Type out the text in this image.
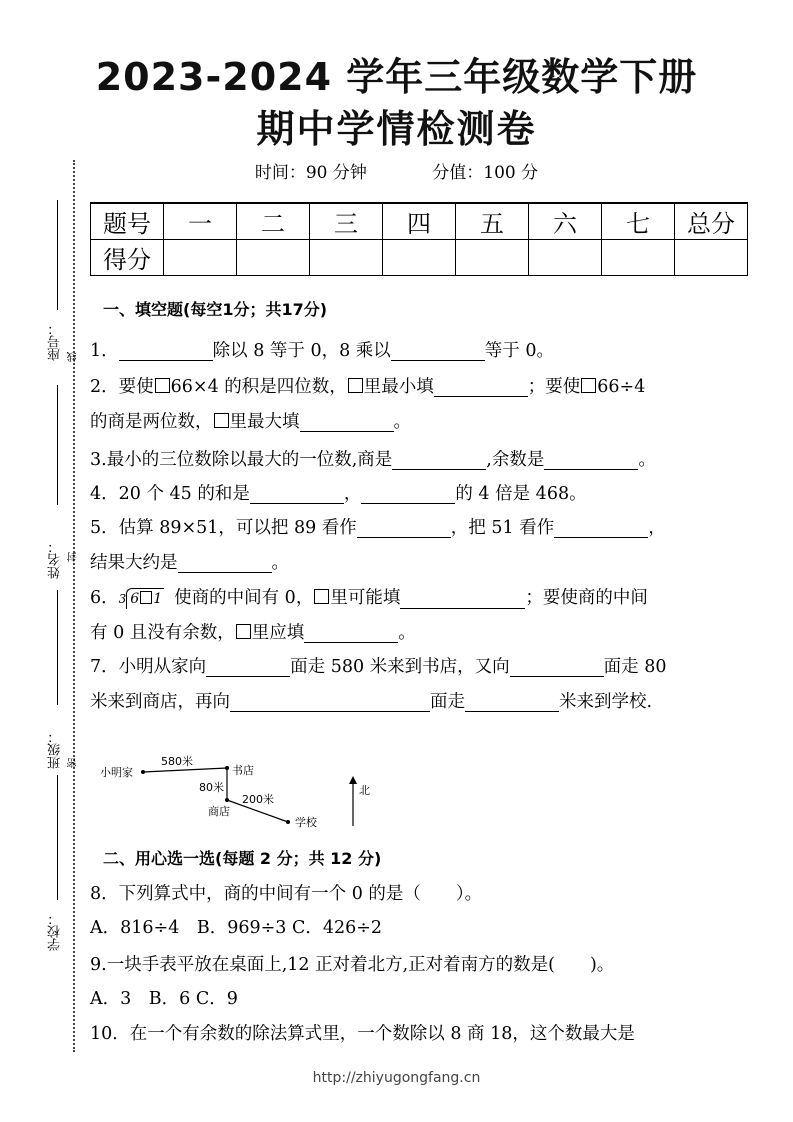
2023-2024 学年三年级数学下册
期中学情检测卷
时间：90 分钟	分值：100 分
座号： 线
姓名： 封
班级： 密
学校：
题号	一	二	三	四	五	六	七	总分
得分								
一、填空题(每空1分；共17分)
1．	除以 8 等于 0，8 乘以	等于 0。
2．要使 66×4 的积是四位数， 里最小填	；要使 66÷4
的商是两位数， 里最大填	。
3.最小的三位数除以最大的一位数,商是	,余数是	。
4．20 个 45 的和是	，	的 4 倍是 468。
5．估算 89×51，可以把 89 看作	，把 51 看作	，
结果大约是	。
6．3 6 1 使商的中间有 0， 里可能填	；要使商的中间
有 0 且没有余数， 里应填	。
7．小明从家向	面走 580 米来到书店，又向	面走 80
米来到商店，再向	面走	米来到学校.
小明家
580米
书店
80米
商店
200米
学校
北
二、用心选一选(每题 2 分；共 12 分)
8．下列算式中，商的中间有一个 0 的是（　　）。
A．816÷4　B．969÷3 C．426÷2
9.一块手表平放在桌面上,12 正对着北方,正对着南方的数是(　　)。
A．3　B．6 C．9
10．在一个有余数的除法算式里，一个数除以 8 商 18，这个数最大是
http://zhiyugongfang.cn
